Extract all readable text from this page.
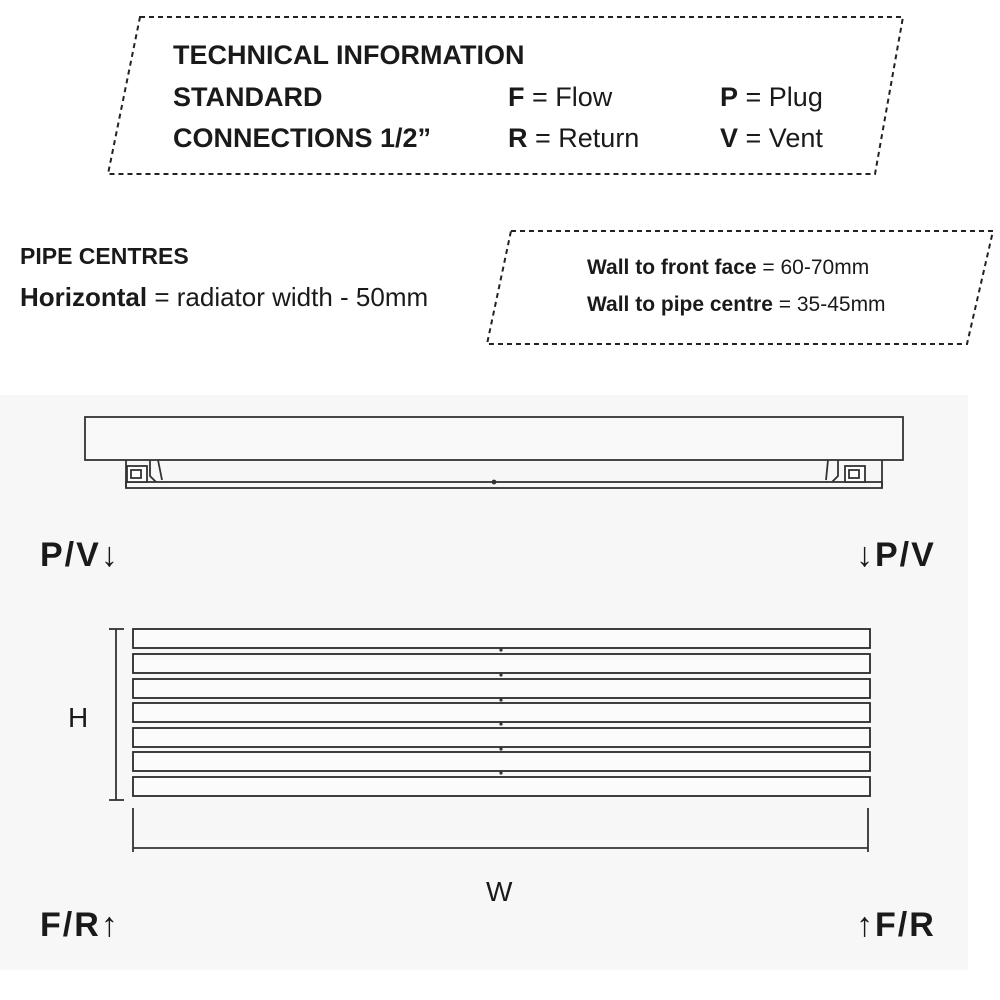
TECHNICAL INFORMATION
STANDARD
CONNECTIONS 1/2”
F = Flow	P = Plug
R = Return	V = Vent
PIPE CENTRES
Horizontal = radiator width - 50mm
Wall to front face = 60-70mm
Wall to pipe centre = 35-45mm
P/V↓	↓P/V
F/R↑	↑F/R
H
W
